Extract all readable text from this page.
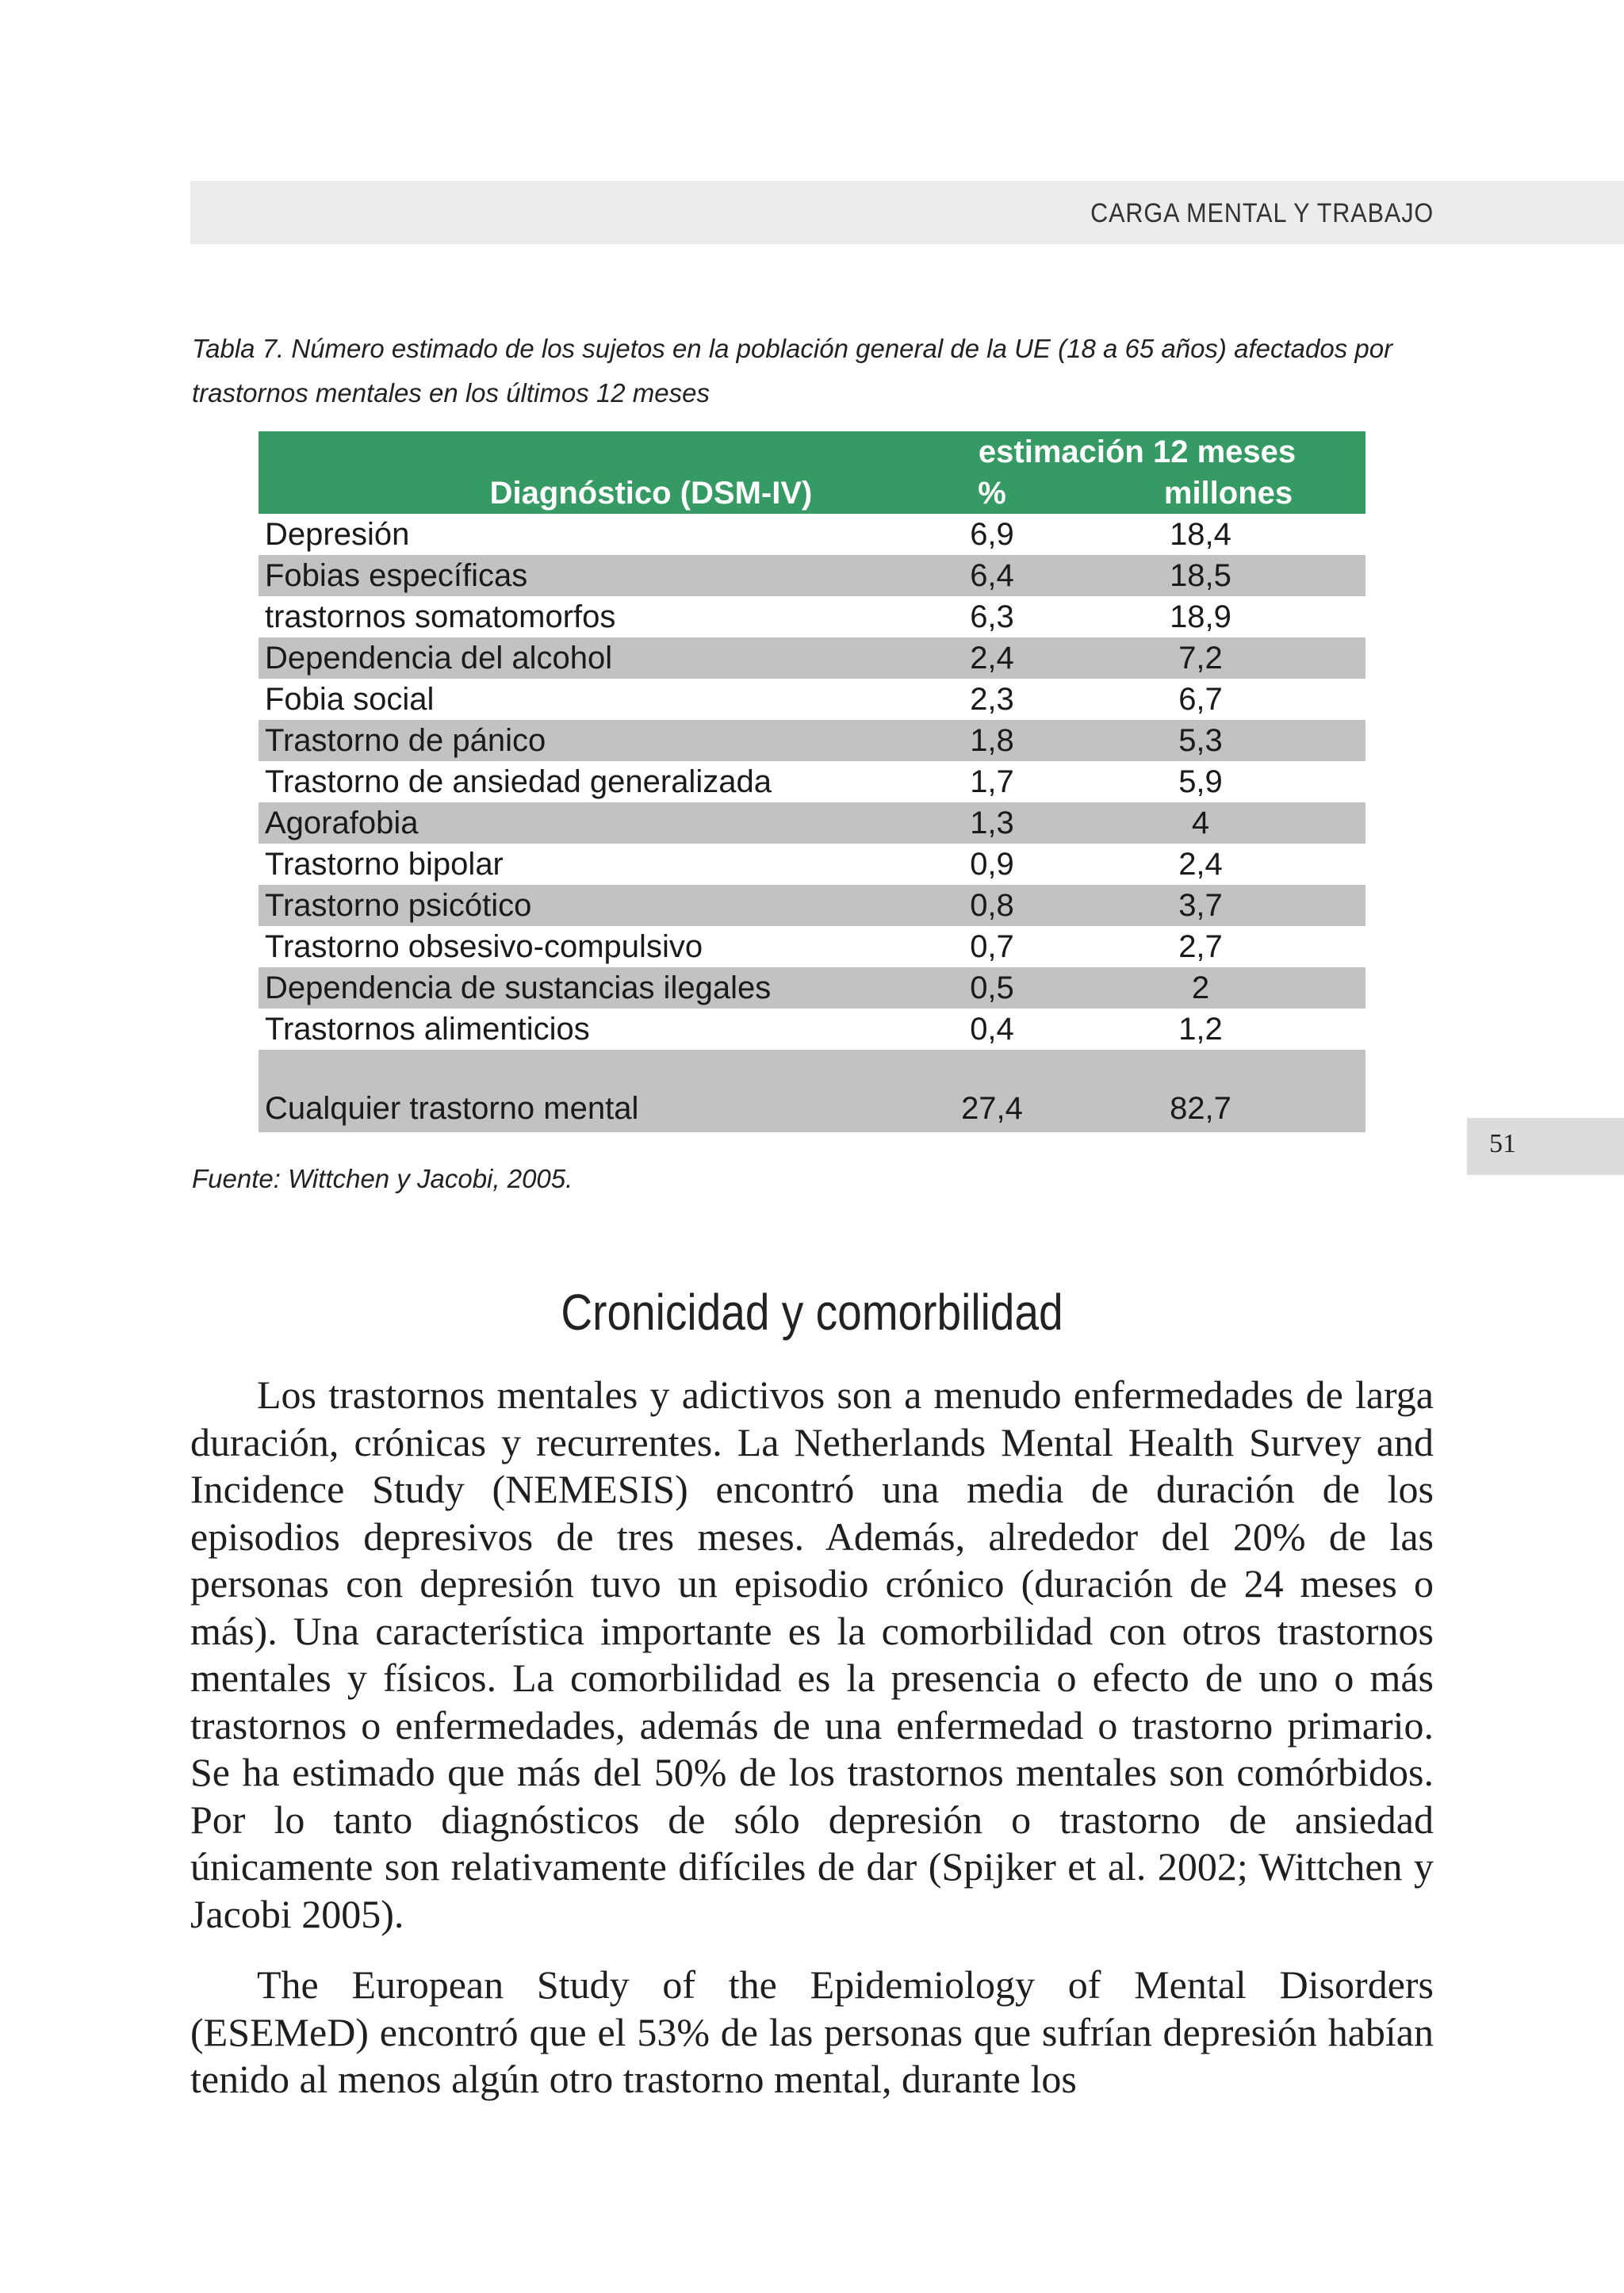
CARGA MENTAL Y TRABAJO
Tabla 7. Número estimado de los sujetos en la población general de la UE (18 a 65 años) afectados por trastornos mentales en los últimos 12 meses
	estimación 12 meses	
Diagnóstico (DSM-IV)	%	millones
Depresión	6,9	18,4
Fobias específicas	6,4	18,5
trastornos somatomorfos	6,3	18,9
Dependencia del alcohol	2,4	7,2
Fobia social	2,3	6,7
Trastorno de pánico	1,8	5,3
Trastorno de ansiedad generalizada	1,7	5,9
Agorafobia	1,3	4
Trastorno bipolar	0,9	2,4
Trastorno psicótico	0,8	3,7
Trastorno obsesivo-compulsivo	0,7	2,7
Dependencia de sustancias ilegales	0,5	2
Trastornos alimenticios	0,4	1,2
Cualquier trastorno mental	27,4	82,7
Fuente: Wittchen y Jacobi, 2005.
51
Cronicidad y comorbilidad

Los trastornos mentales y adictivos son a menudo enfermedades de larga duración, crónicas y recurrentes. La Netherlands Mental Health Survey and Incidence Study (NEMESIS) encontró una media de duración de los episodios depresivos de tres meses. Además, alrededor del 20% de las personas con depresión tuvo un episodio crónico (duración de 24 meses o más). Una característica importante es la comorbilidad con otros trastornos mentales y físicos. La comorbilidad es la presencia o efecto de uno o más trastornos o enfermedades, además de una enfermedad o trastorno primario. Se ha estimado que más del 50% de los trastornos mentales son comórbidos. Por lo tanto diagnósticos de sólo depresión o trastorno de ansiedad únicamente son relativamente difíciles de dar (Spijker et al. 2002; Wittchen y Jacobi 2005).

The European Study of the Epidemiology of Mental Disorders (ESEMeD) encontró que el 53% de las personas que sufrían depresión habían tenido al menos algún otro trastorno mental, durante los
